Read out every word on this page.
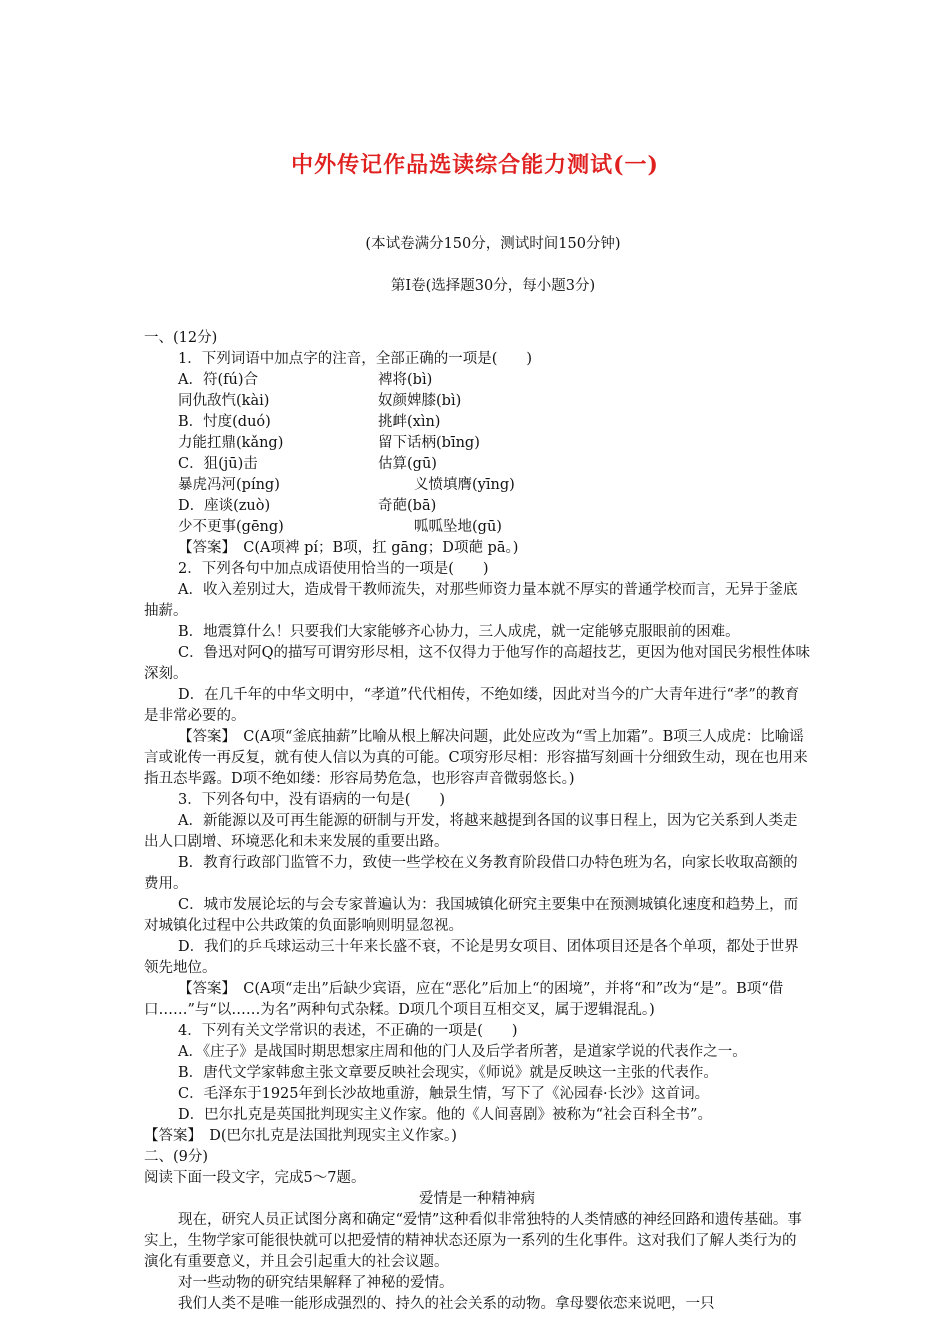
中外传记作品选读综合能力测试(一)
(本试卷满分150分，测试时间150分钟)
第Ⅰ卷(选择题30分，每小题3分)
一、(12分)
1．下列词语中加点字的注音，全部正确的一项是(　　)
A．符(fú)合	裨将(bì)
同仇敌忾(kài)	奴颜婢膝(bì)
B．忖度(duó)	挑衅(xìn)
力能扛鼎(kǎng)	留下话柄(bīng)
C．狙(jū)击	估算(gū)
暴虎冯河(píng)	义愤填膺(yīng)
D．座谈(zuò)	奇葩(bā)
少不更事(gēng)	呱呱坠地(gū)
【答案】　C(A项裨 pí；B项，扛 gāng；D项葩 pā。)
2．下列各句中加点成语使用恰当的一项是(　　)
A．收入差别过大，造成骨干教师流失，对那些师资力量本就不厚实的普通学校而言，无异于釜底抽薪。
B．地震算什么！只要我们大家能够齐心协力，三人成虎，就一定能够克服眼前的困难。
C．鲁迅对阿Q的描写可谓穷形尽相，这不仅得力于他写作的高超技艺，更因为他对国民劣根性体味深刻。
D．在几千年的中华文明中，“孝道”代代相传，不绝如缕，因此对当今的广大青年进行“孝”的教育是非常必要的。
【答案】　C(A项“釜底抽薪”比喻从根上解决问题，此处应改为“雪上加霜”。B项三人成虎：比喻谣言或讹传一再反复，就有使人信以为真的可能。C项穷形尽相：形容描写刻画十分细致生动，现在也用来指丑态毕露。D项不绝如缕：形容局势危急，也形容声音微弱悠长。)
3．下列各句中，没有语病的一句是(　　)
A．新能源以及可再生能源的研制与开发，将越来越提到各国的议事日程上，因为它关系到人类走出人口剧增、环境恶化和未来发展的重要出路。
B．教育行政部门监管不力，致使一些学校在义务教育阶段借口办特色班为名，向家长收取高额的费用。
C．城市发展论坛的与会专家普遍认为：我国城镇化研究主要集中在预测城镇化速度和趋势上，而对城镇化过程中公共政策的负面影响则明显忽视。
D．我们的乒乓球运动三十年来长盛不衰，不论是男女项目、团体项目还是各个单项，都处于世界领先地位。
【答案】　C(A项“走出”后缺少宾语，应在“恶化”后加上“的困境”，并将“和”改为“是”。B项“借口……”与“以……为名”两种句式杂糅。D项几个项目互相交叉，属于逻辑混乱。)
4．下列有关文学常识的表述，不正确的一项是(　　)
A．《庄子》是战国时期思想家庄周和他的门人及后学者所著，是道家学说的代表作之一。
B．唐代文学家韩愈主张文章要反映社会现实，《师说》就是反映这一主张的代表作。
C．毛泽东于1925年到长沙故地重游，触景生情，写下了《沁园春·长沙》这首词。
D．巴尔扎克是英国批判现实主义作家。他的《人间喜剧》被称为“社会百科全书”。
【答案】　D(巴尔扎克是法国批判现实主义作家。)
二、(9分)
阅读下面一段文字，完成5～7题。
爱情是一种精神病
现在，研究人员正试图分离和确定“爱情”这种看似非常独特的人类情感的神经回路和遗传基础。事实上，生物学家可能很快就可以把爱情的精神状态还原为一系列的生化事件。这对我们了解人类行为的演化有重要意义，并且会引起重大的社会议题。
对一些动物的研究结果解释了神秘的爱情。
我们人类不是唯一能形成强烈的、持久的社会关系的动物。拿母婴依恋来说吧，一只
